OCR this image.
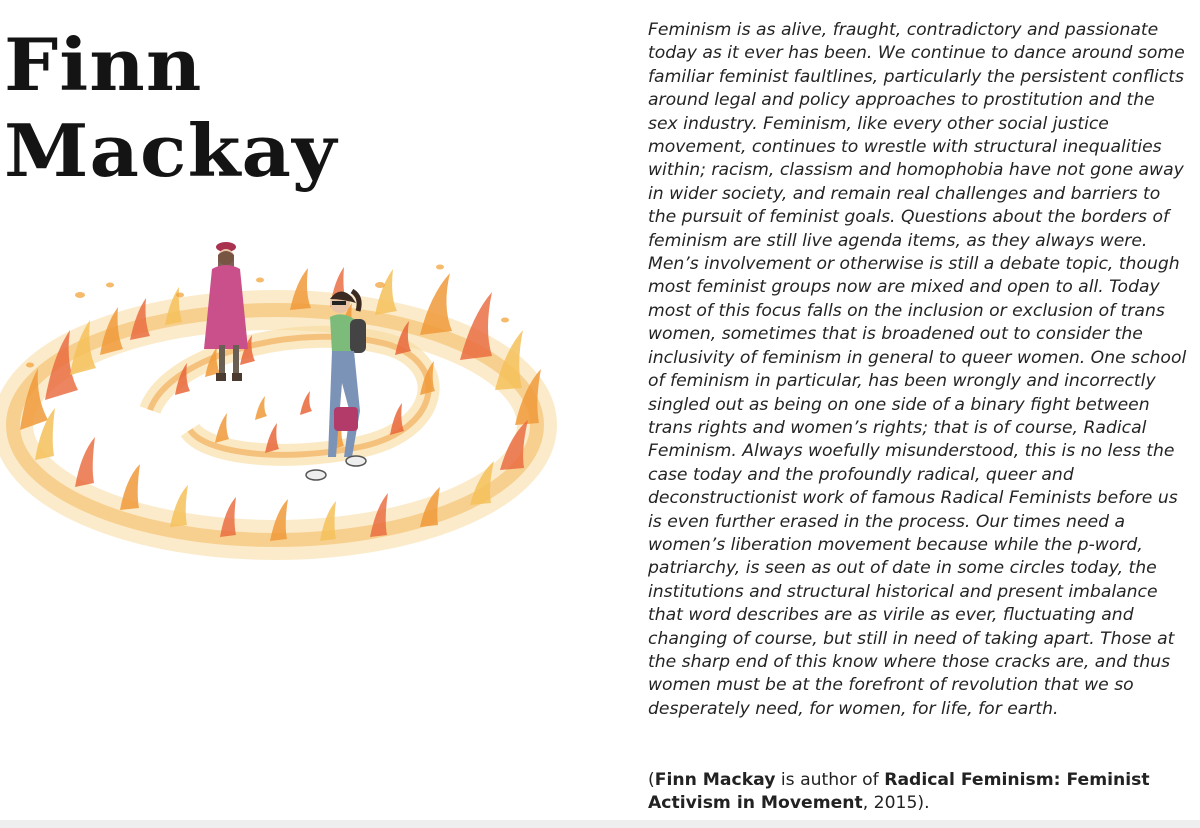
Finn
Mackay

Feminism is as alive, fraught, contradictory and passionate today as it ever has been. We continue to dance around some familiar feminist faultlines, particularly the persistent conflicts around legal and policy approaches to prostitution and the sex industry. Feminism, like every other social justice movement, continues to wrestle with structural inequalities within; racism, classism and homophobia have not gone away in wider society, and remain real challenges and barriers to the pursuit of feminist goals. Questions about the borders of feminism are still live agenda items, as they always were. Men’s involvement or otherwise is still a debate topic, though most feminist groups now are mixed and open to all. Today most of this focus falls on the inclusion or exclusion of trans women, sometimes that is broadened out to consider the inclusivity of feminism in general to queer women. One school of feminism in particular, has been wrongly and incorrectly singled out as being on one side of a binary fight between trans rights and women’s rights; that is of course, Radical Feminism. Always woefully misunderstood, this is no less the case today and the profoundly radical, queer and deconstructionist work of famous Radical Feminists before us is even further erased in the process. Our times need a women’s liberation movement because while the p-word, patriarchy, is seen as out of date in some circles today, the institutions and structural historical and present imbalance that word describes are as virile as ever, fluctuating and changing of course, but still in need of taking apart. Those at the sharp end of this know where those cracks are, and thus women must be at the forefront of revolution that we so desperately need, for women, for life, for earth.

(Finn Mackay is author of Radical Feminism: Feminist Activism in Movement, 2015).
